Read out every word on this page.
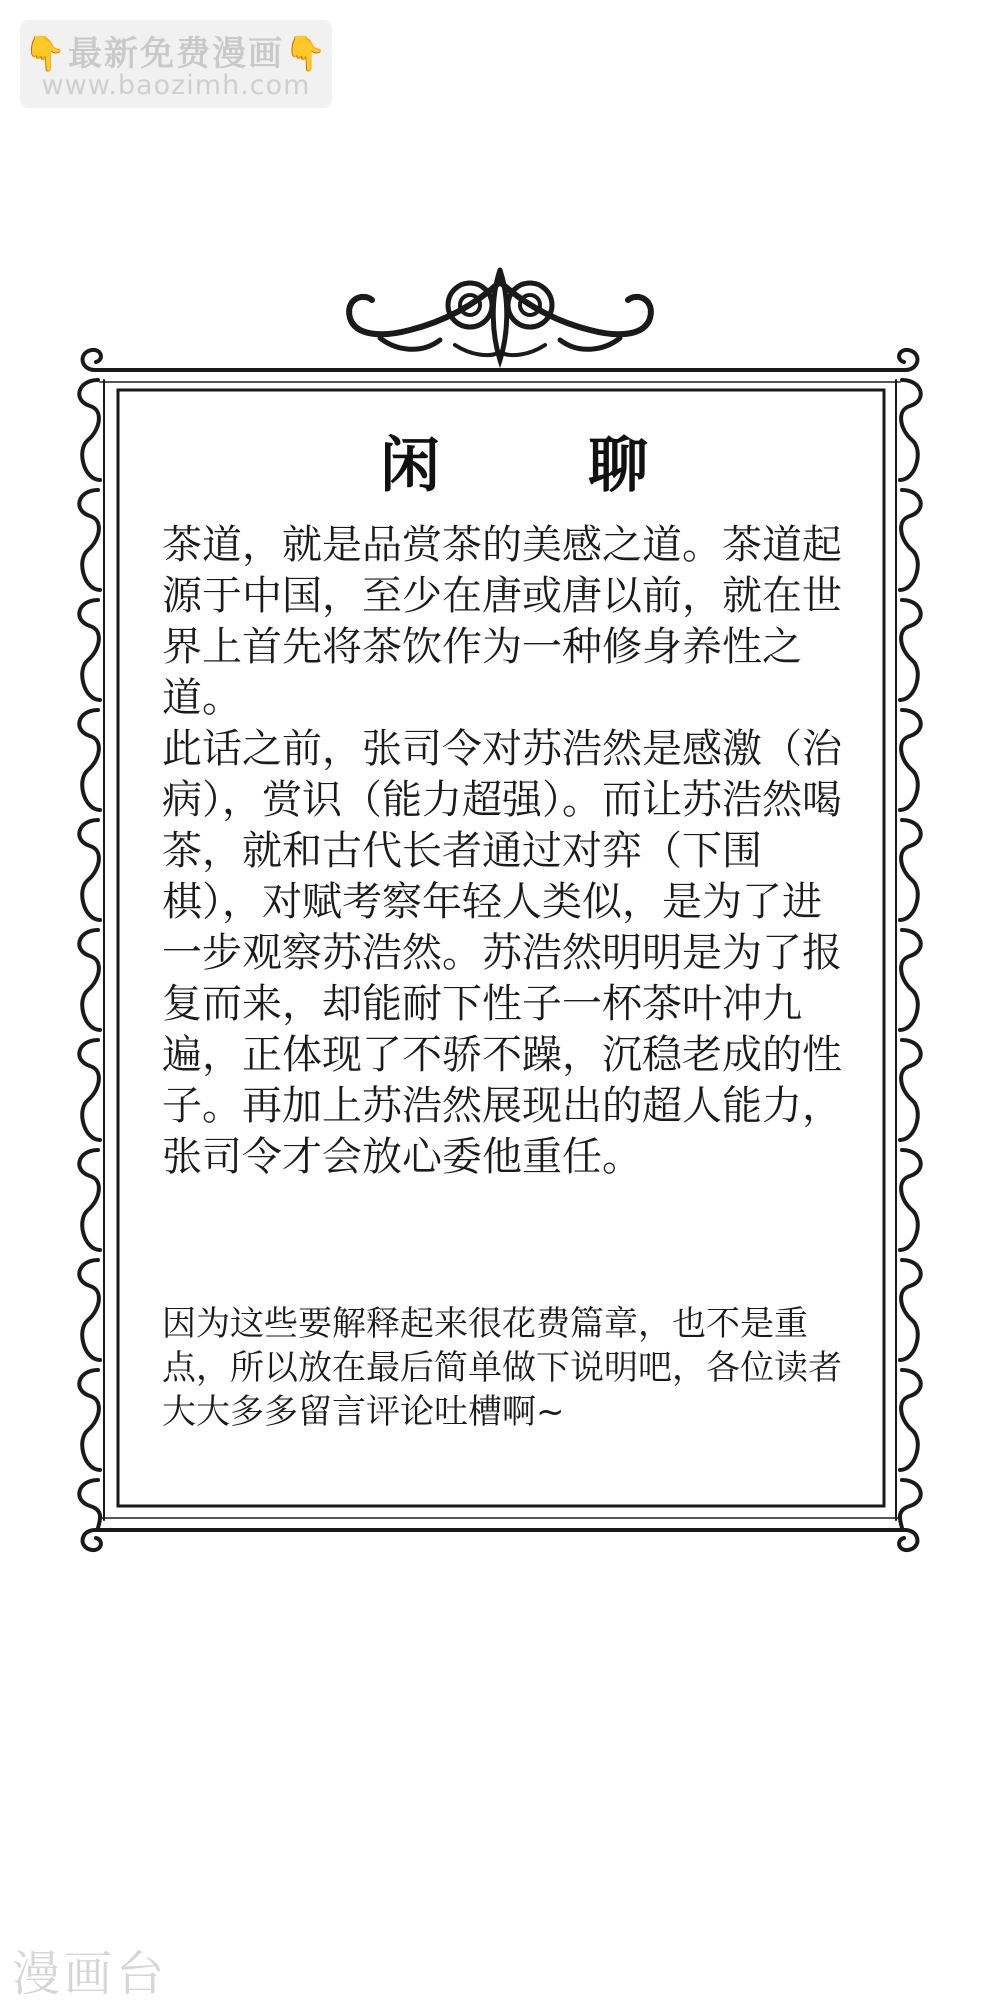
👇最新免费漫画👇
www.baozimh.com
闲 聊

茶道，就是品赏茶的美感之道。茶道起源于中国，至少在唐或唐以前，就在世界上首先将茶饮作为一种修身养性之道。

此话之前，张司令对苏浩然是感激（治病），赏识（能力超强）。而让苏浩然喝茶，就和古代长者通过对弈（下围棋），对赋考察年轻人类似，是为了进一步观察苏浩然。苏浩然明明是为了报复而来，却能耐下性子一杯茶叶冲九遍，正体现了不骄不躁，沉稳老成的性子。再加上苏浩然展现出的超人能力，张司令才会放心委他重任。

因为这些要解释起来很花费篇章，也不是重点，所以放在最后简单做下说明吧，各位读者大大多多留言评论吐槽啊~
漫画台
